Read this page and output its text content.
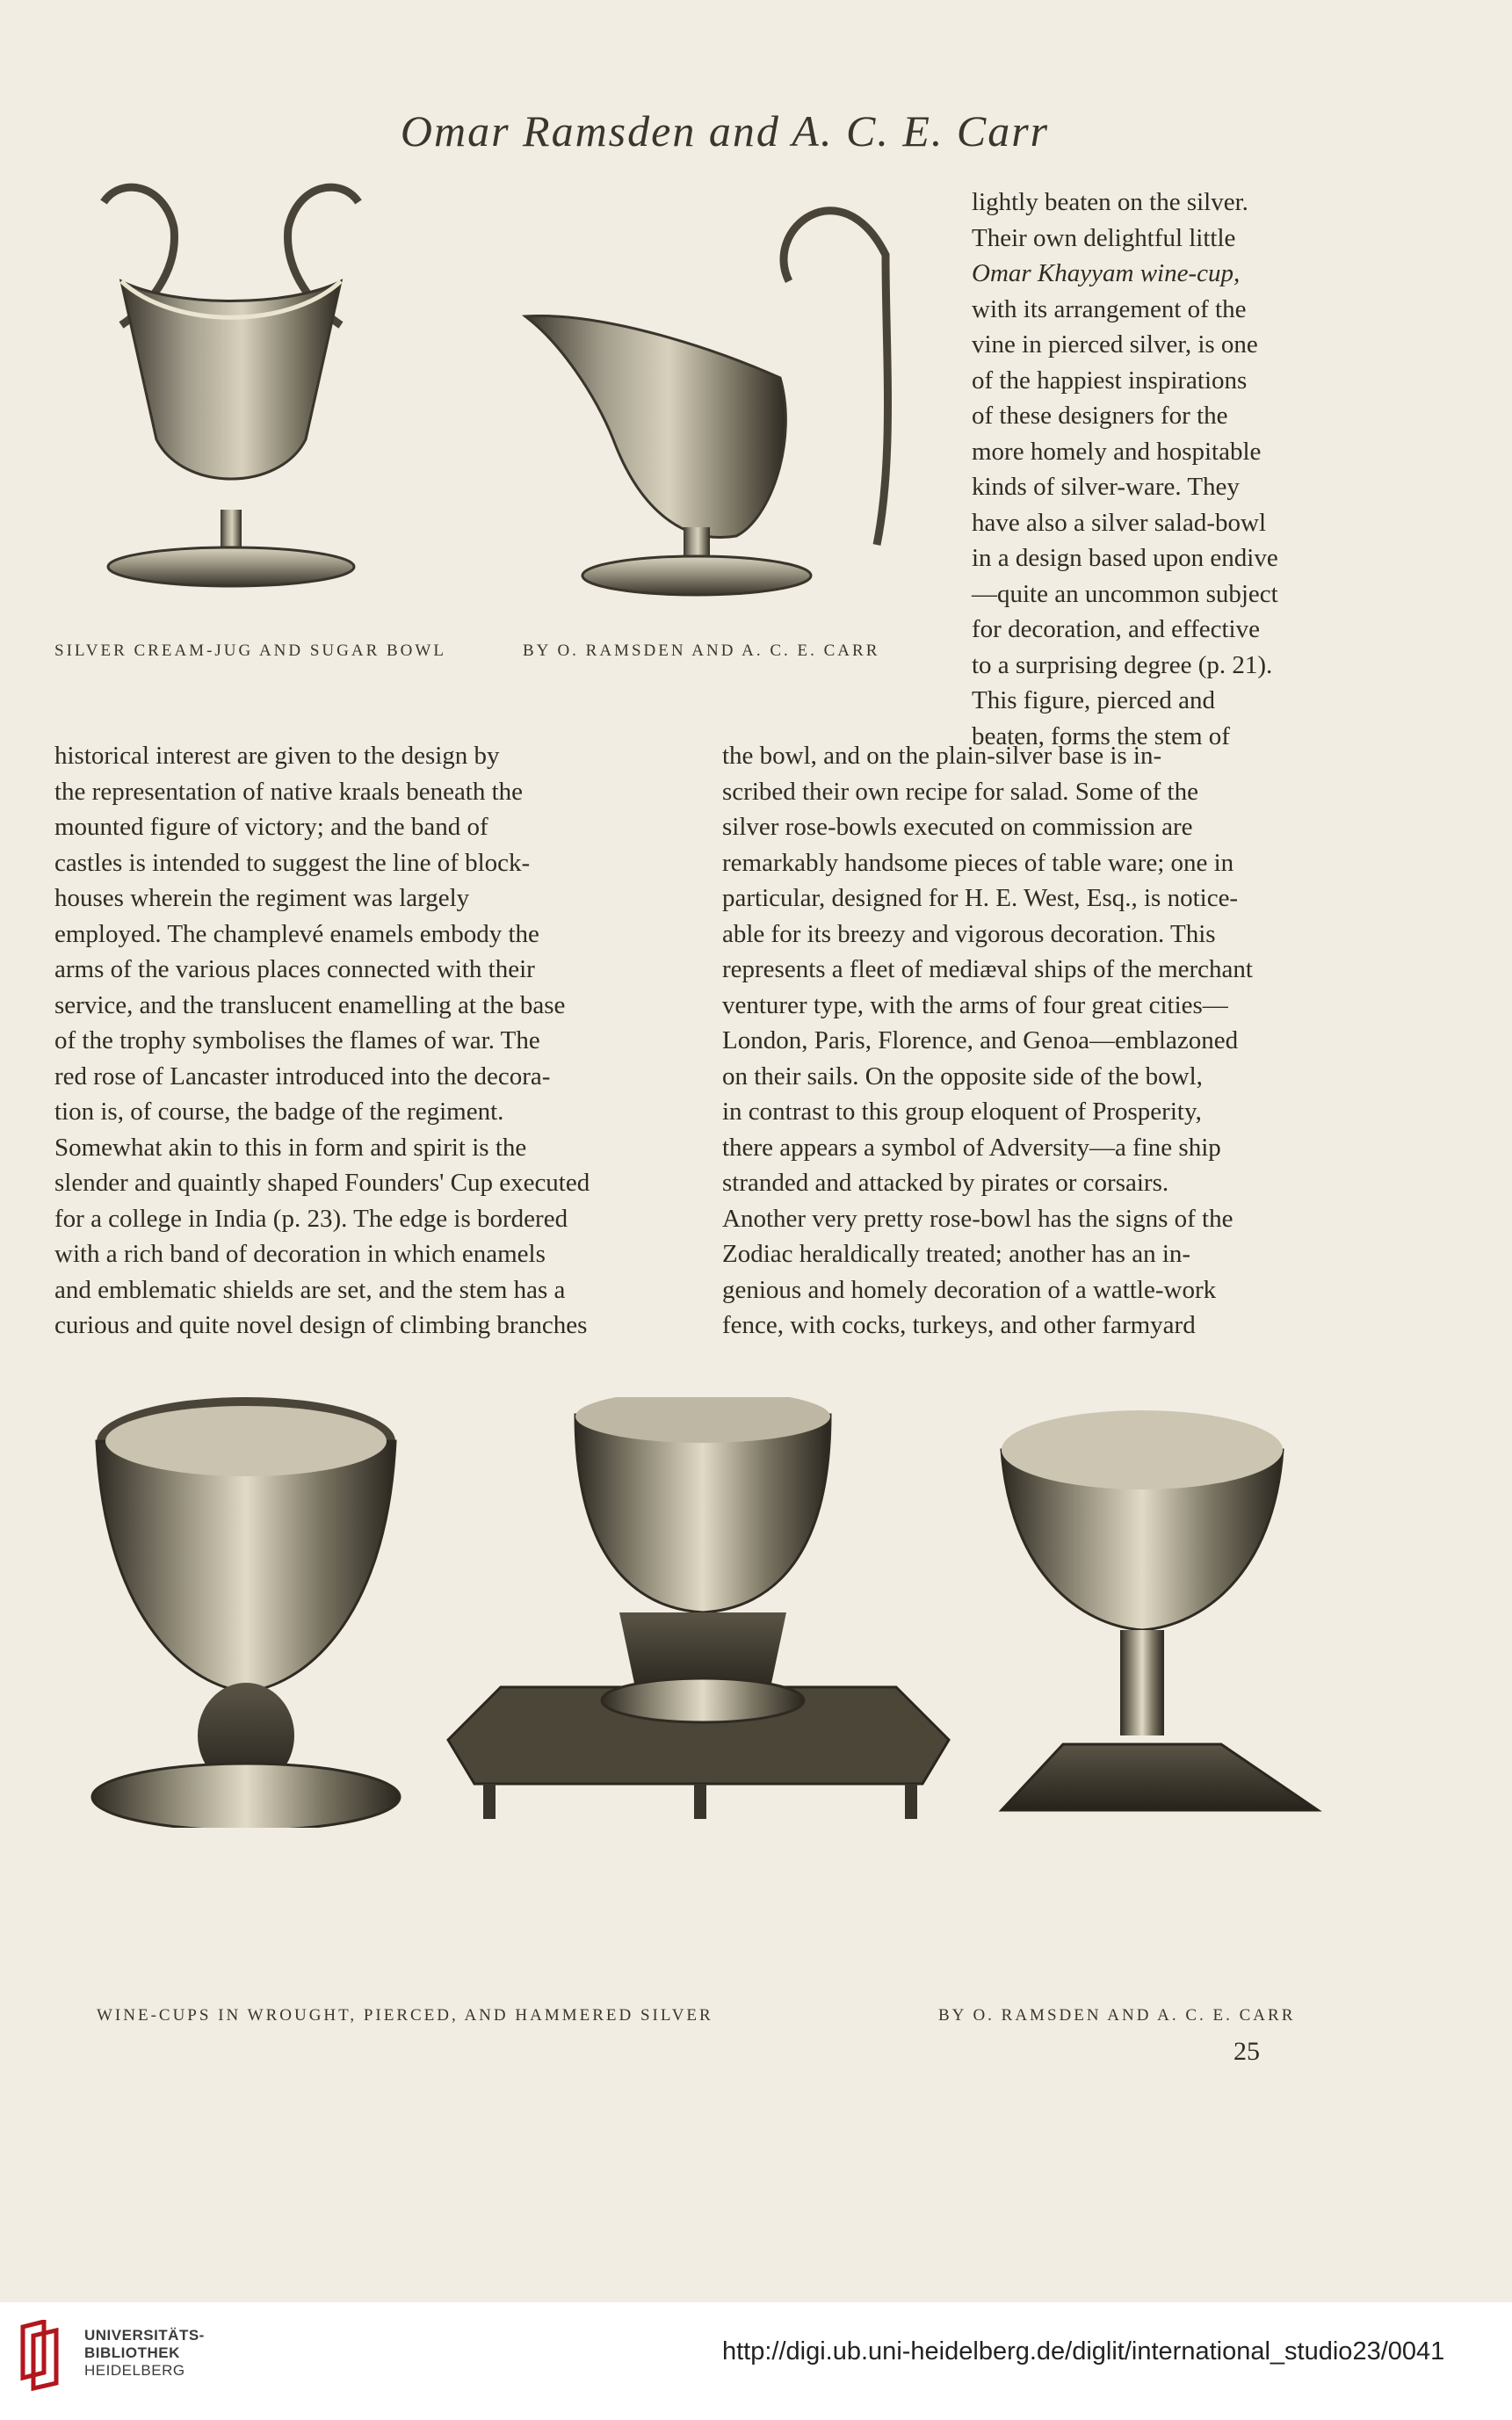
Omar Ramsden and A. C. E. Carr
SILVER CREAM-JUG AND SUGAR BOWL	BY O. RAMSDEN AND A. C. E. CARR

lightly beaten on the silver.

Their own delightful little

Omar Khayyam wine-cup,

with its arrangement of the

vine in pierced silver, is one

of the happiest inspirations

of these designers for the

more homely and hospitable

kinds of silver-ware. They

have also a silver salad-bowl

in a design based upon endive

—quite an uncommon subject

for decoration, and effective

to a surprising degree (p. 21).

This figure, pierced and

beaten, forms the stem of

historical interest are given to the design by

the representation of native kraals beneath the

mounted figure of victory; and the band of

castles is intended to suggest the line of block-

houses wherein the regiment was largely

employed. The champlevé enamels embody the

arms of the various places connected with their

service, and the translucent enamelling at the base

of the trophy symbolises the flames of war. The

red rose of Lancaster introduced into the decora-

tion is, of course, the badge of the regiment.

Somewhat akin to this in form and spirit is the

slender and quaintly shaped Founders' Cup executed

for a college in India (p. 23). The edge is bordered

with a rich band of decoration in which enamels

and emblematic shields are set, and the stem has a

curious and quite novel design of climbing branches

the bowl, and on the plain-silver base is in-

scribed their own recipe for salad. Some of the

silver rose-bowls executed on commission are

remarkably handsome pieces of table ware; one in

particular, designed for H. E. West, Esq., is notice-

able for its breezy and vigorous decoration. This

represents a fleet of mediæval ships of the merchant

venturer type, with the arms of four great cities—

London, Paris, Florence, and Genoa—emblazoned

on their sails. On the opposite side of the bowl,

in contrast to this group eloquent of Prosperity,

there appears a symbol of Adversity—a fine ship

stranded and attacked by pirates or corsairs.

Another very pretty rose-bowl has the signs of the

Zodiac heraldically treated; another has an in-

genious and homely decoration of a wattle-work

fence, with cocks, turkeys, and other farmyard

WINE-CUPS IN WROUGHT, PIERCED, AND HAMMERED SILVER	BY O. RAMSDEN AND A. C. E. CARR
25
UNIVERSITÄTS-
BIBLIOTHEK
HEIDELBERG
http://digi.ub.uni-heidelberg.de/diglit/international_studio23/0041
